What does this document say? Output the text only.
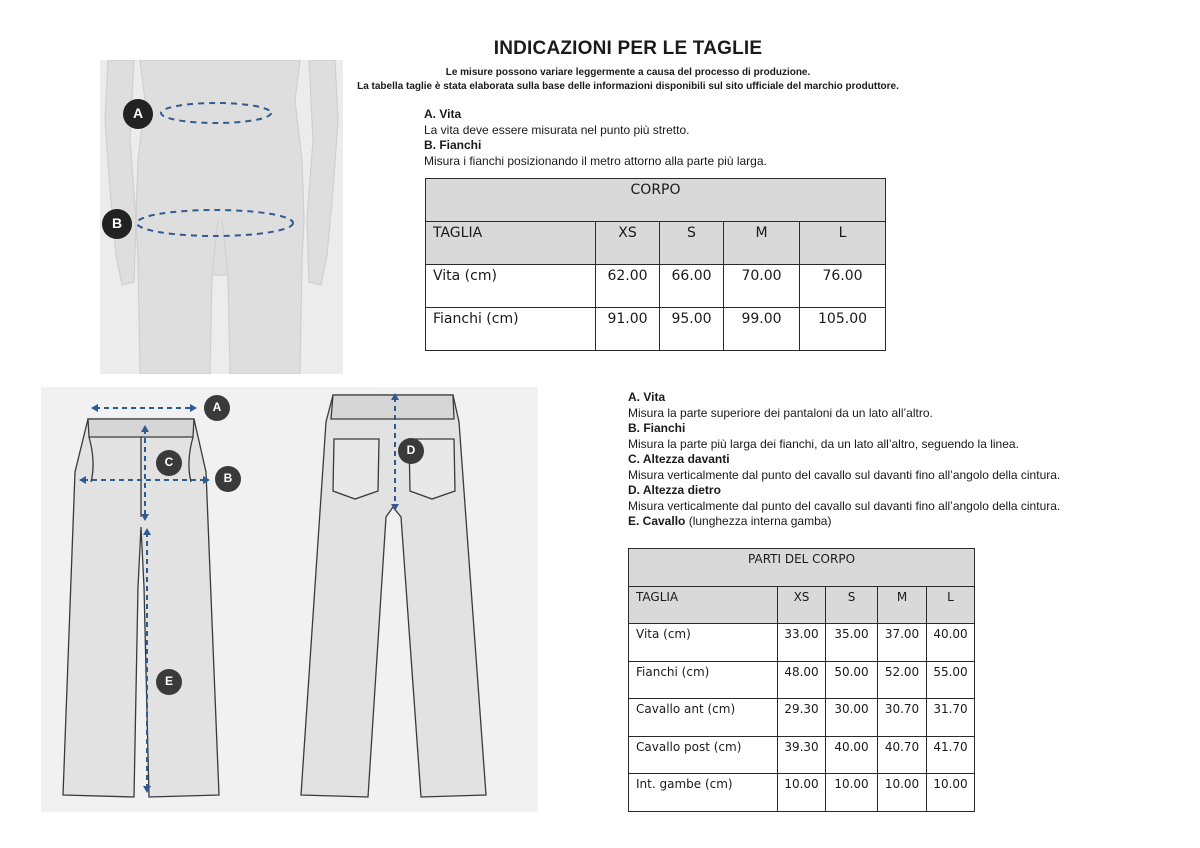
INDICAZIONI PER LE TAGLIE
Le misure possono variare leggermente a causa del processo di produzione.
La tabella taglie è stata elaborata sulla base delle informazioni disponibili sul sito ufficiale del marchio produttore.
A
B
A
B
C
D
E
A. Vita
La vita deve essere misurata nel punto più stretto.
B. Fianchi
Misura i fianchi posizionando il metro attorno alla parte più larga.
CORPO				
TAGLIA	XS	S	M	L
Vita (cm)	62.00	66.00	70.00	76.00
Fianchi (cm)	91.00	95.00	99.00	105.00
A. Vita
Misura la parte superiore dei pantaloni da un lato all’altro.
B. Fianchi
Misura la parte più larga dei fianchi, da un lato all’altro, seguendo la linea.
C. Altezza davanti
Misura verticalmente dal punto del cavallo sul davanti fino all’angolo della cintura.
D. Altezza dietro
Misura verticalmente dal punto del cavallo sul davanti fino all’angolo della cintura.
E. Cavallo (lunghezza interna gamba)
PARTI DEL CORPO				
TAGLIA	XS	S	M	L
Vita (cm)	33.00	35.00	37.00	40.00
Fianchi (cm)	48.00	50.00	52.00	55.00
Cavallo ant (cm)	29.30	30.00	30.70	31.70
Cavallo post (cm)	39.30	40.00	40.70	41.70
Int. gambe (cm)	10.00	10.00	10.00	10.00
